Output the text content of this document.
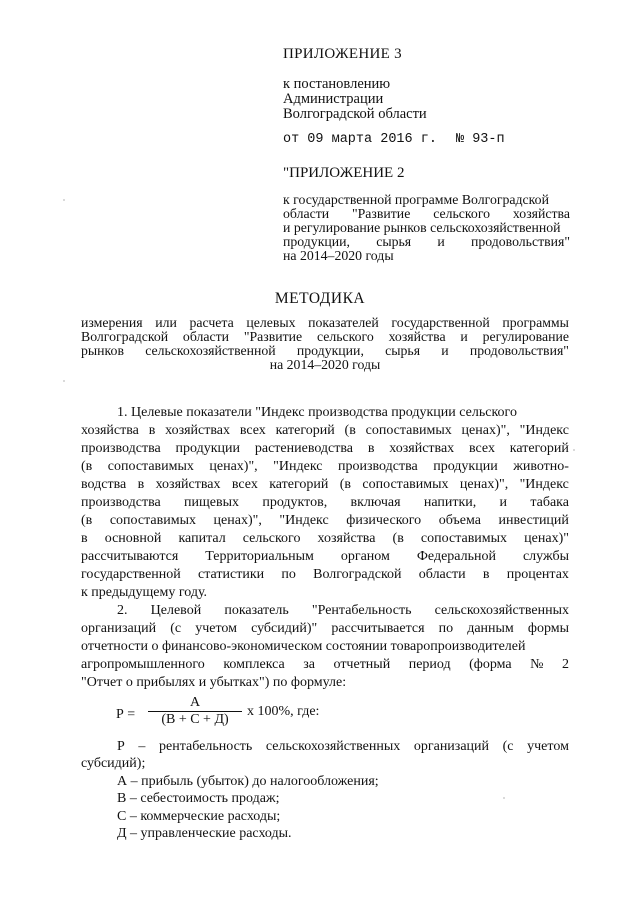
ПРИЛОЖЕНИЕ 3
к постановлению
Администрации
Волгоградской области
от 09 марта 2016 г. № 93-п
"ПРИЛОЖЕНИЕ 2
к государственной программе Волгоградской
области "Развитие сельского хозяйства
и регулирование рынков сельскохозяйственной
продукции, сырья и продовольствия"
на 2014–2020 годы
МЕТОДИКА
измерения или расчета целевых показателей государственной программы
Волгоградской области "Развитие сельского хозяйства и регулирование
рынков сельскохозяйственной продукции, сырья и продовольствия"
на 2014–2020 годы
1. Целевые показатели "Индекс производства продукции сельского
хозяйства в хозяйствах всех категорий (в сопоставимых ценах)", "Индекс
производства продукции растениеводства в хозяйствах всех категорий
(в сопоставимых ценах)", "Индекс производства продукции животно-
водства в хозяйствах всех категорий (в сопоставимых ценах)", "Индекс
производства пищевых продуктов, включая напитки, и табака
(в сопоставимых ценах)", "Индекс физического объема инвестиций
в основной капитал сельского хозяйства (в сопоставимых ценах)"
рассчитываются Территориальным органом Федеральной службы
государственной статистики по Волгоградской области в процентах
к предыдущему году.
2. Целевой показатель "Рентабельность сельскохозяйственных
организаций (с учетом субсидий)" рассчитывается по данным формы
отчетности о финансово-экономическом состоянии товаропроизводителей
агропромышленного комплекса за отчетный период (форма № 2
"Отчет о прибылях и убытках") по формуле:
Р =
А
(В + С + Д)
х 100%, где:
Р – рентабельность сельскохозяйственных организаций (с учетом
субсидий);
А – прибыль (убыток) до налогообложения;
В – себестоимость продаж;
С – коммерческие расходы;
Д – управленческие расходы.
